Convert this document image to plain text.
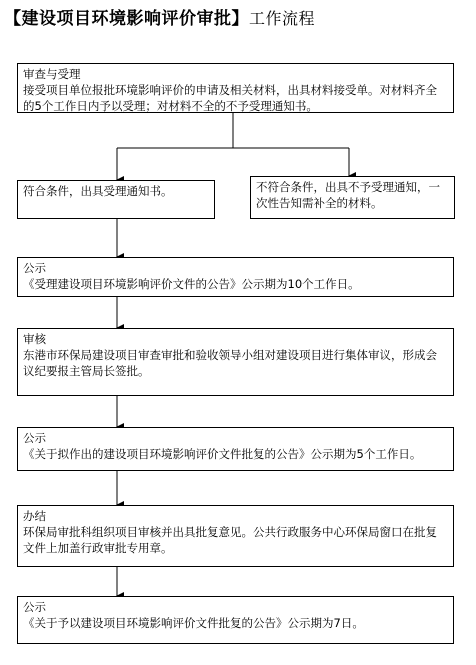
【建设项目环境影响评价审批】工作流程
审查与受理
接受项目单位报批环境影响评价的申请及相关材料，出具材料接受单。对材料齐全的5个工作日内予以受理；对材料不全的不予受理通知书。
符合条件，出具受理通知书。	不符合条件，出具不予受理通知，一次性告知需补全的材料。
公示
《受理建设项目环境影响评价文件的公告》公示期为10个工作日。
审核
东港市环保局建设项目审查审批和验收领导小组对建设项目进行集体审议，形成会议纪要报主管局长签批。
公示
《关于拟作出的建设项目环境影响评价文件批复的公告》公示期为5个工作日。
办结
环保局审批科组织项目审核并出具批复意见。公共行政服务中心环保局窗口在批复文件上加盖行政审批专用章。
公示
《关于予以建设项目环境影响评价文件批复的公告》公示期为7日。
